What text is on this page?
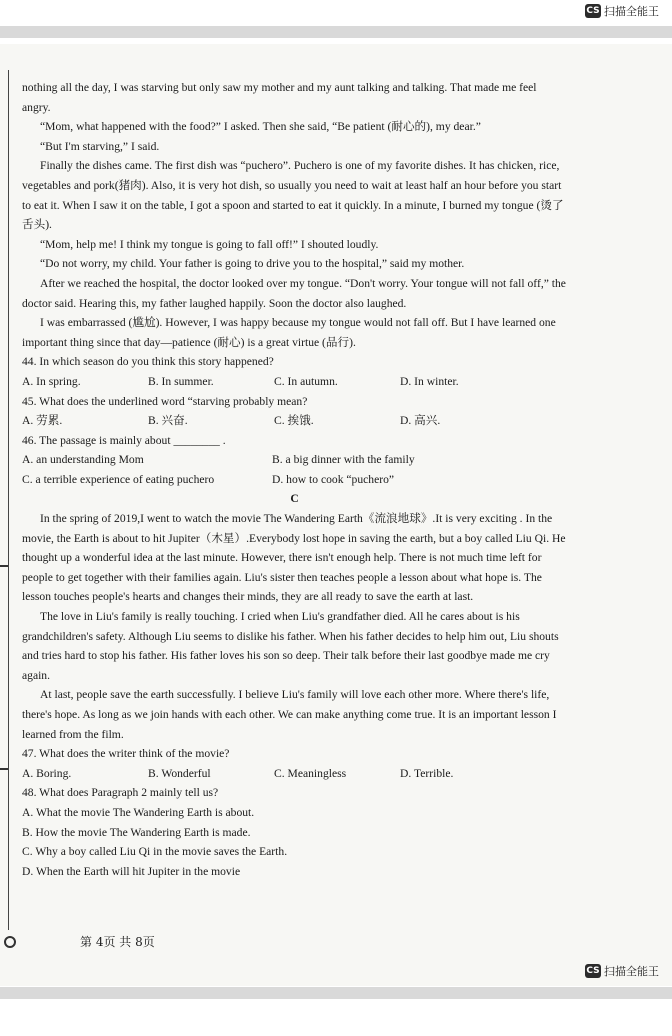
CS 扫描全能王

nothing all the day, I was starving but only saw my mother and my aunt talking and talking. That made me feel angry.

“Mom, what happened with the food?” I asked. Then she said, “Be patient (耐心的), my dear.”

“But I'm starving,” I said.

Finally the dishes came. The first dish was “puchero”. Puchero is one of my favorite dishes. It has chicken, rice, vegetables and pork(猪肉). Also, it is very hot dish, so usually you need to wait at least half an hour before you start to eat it. When I saw it on the table, I got a spoon and started to eat it quickly. In a minute, I burned my tongue (烫了舌头).

“Mom, help me! I think my tongue is going to fall off!” I shouted loudly.

“Do not worry, my child. Your father is going to drive you to the hospital,” said my mother.

After we reached the hospital, the doctor looked over my tongue. “Don't worry. Your tongue will not fall off,” the doctor said. Hearing this, my father laughed happily. Soon the doctor also laughed.

I was embarrassed (尴尬). However, I was happy because my tongue would not fall off. But I have learned one important thing since that day—patience (耐心) is a great virtue (品行).

44. In which season do you think this story happened?

A. In spring.	B. In summer.	C. In autumn.	D. In winter.

45. What does the underlined word “starving probably mean?

A. 劳累.	B. 兴奋.	C. 挨饿.	D. 高兴.

46. The passage is mainly about ________ .

A. an understanding Mom	B. a big dinner with the family
C. a terrible experience of eating puchero	D. how to cook “puchero”

C

In the spring of 2019,I went to watch the movie The Wandering Earth《流浪地球》.It is very exciting . In the movie, the Earth is about to hit Jupiter（木星）.Everybody lost hope in saving the earth, but a boy called Liu Qi. He thought up a wonderful idea at the last minute. However, there isn't enough help. There is not much time left for people to get together with their families again. Liu's sister then teaches people a lesson about what hope is. The lesson touches people's hearts and changes their minds, they are all ready to save the earth at last.

The love in Liu's family is really touching. I cried when Liu's grandfather died. All he cares about is his grandchildren's safety. Although Liu seems to dislike his father. When his father decides to help him out, Liu shouts and tries hard to stop his father. His father loves his son so deep. Their talk before their last goodbye made me cry again.

At last, people save the earth successfully. I believe Liu's family will love each other more. Where there's life, there's hope. As long as we join hands with each other. We can make anything come true. It is an important lesson I learned from the film.

47. What does the writer think of the movie?

A. Boring.	B. Wonderful	C. Meaningless	D. Terrible.

48. What does Paragraph 2 mainly tell us?

A. What the movie The Wandering Earth is about.

B. How the movie The Wandering Earth is made.

C. Why a boy called Liu Qi in the movie saves the Earth.

D. When the Earth will hit Jupiter in the movie

第 4页 共 8页
CS 扫描全能王
